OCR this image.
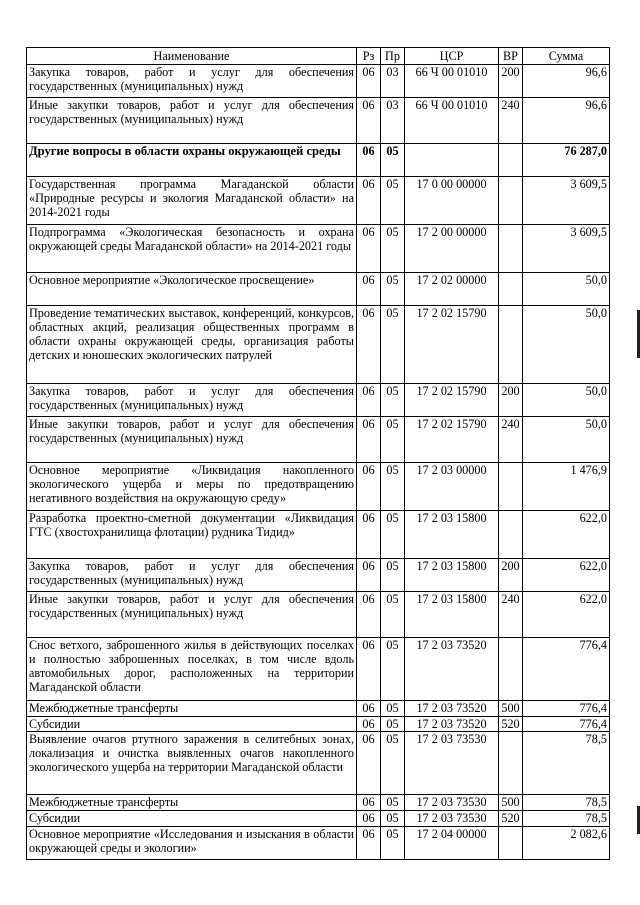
Наименование	Рз	Пр	ЦСР	ВР	Сумма
Закупка товаров, работ и услуг для обеспечения государственных (муниципальных) нужд	06	03	66 Ч 00 01010	200	96,6
Иные закупки товаров, работ и услуг для обеспечения государственных (муниципальных) нужд	06	03	66 Ч 00 01010	240	96,6
Другие вопросы в области охраны окружающей среды	06	05			76 287,0
Государственная программа Магаданской области «Природные ресурсы и экология Магаданской области» на 2014-2021 годы	06	05	17 0 00 00000		3 609,5
Подпрограмма «Экологическая безопасность и охрана окружающей среды Магаданской области» на 2014-2021 годы	06	05	17 2 00 00000		3 609,5
Основное мероприятие «Экологическое просвещение»	06	05	17 2 02 00000		50,0
Проведение тематических выставок, конференций, конкурсов, областных акций, реализация общественных программ в области охраны окружающей среды, организация работы детских и юношеских экологических патрулей	06	05	17 2 02 15790		50,0
Закупка товаров, работ и услуг для обеспечения государственных (муниципальных) нужд	06	05	17 2 02 15790	200	50,0
Иные закупки товаров, работ и услуг для обеспечения государственных (муниципальных) нужд	06	05	17 2 02 15790	240	50,0
Основное мероприятие «Ликвидация накопленного экологического ущерба и меры по предотвращению негативного воздействия на окружающую среду»	06	05	17 2 03 00000		1 476,9
Разработка проектно-сметной документации «Ликвидация ГТС (хвостохранилища флотации) рудника Тидид»	06	05	17 2 03 15800		622,0
Закупка товаров, работ и услуг для обеспечения государственных (муниципальных) нужд	06	05	17 2 03 15800	200	622,0
Иные закупки товаров, работ и услуг для обеспечения государственных (муниципальных) нужд	06	05	17 2 03 15800	240	622,0
Снос ветхого, заброшенного жилья в действующих поселках и полностью заброшенных поселках, в том числе вдоль автомобильных дорог, расположенных на территории Магаданской области	06	05	17 2 03 73520		776,4
Межбюджетные трансферты	06	05	17 2 03 73520	500	776,4
Субсидии	06	05	17 2 03 73520	520	776,4
Выявление очагов ртутного заражения в селитебных зонах, локализация и очистка выявленных очагов накопленного экологического ущерба на территории Магаданской области	06	05	17 2 03 73530		78,5
Межбюджетные трансферты	06	05	17 2 03 73530	500	78,5
Субсидии	06	05	17 2 03 73530	520	78,5
Основное мероприятие «Исследования и изыскания в области окружающей среды и экологии»	06	05	17 2 04 00000		2 082,6
